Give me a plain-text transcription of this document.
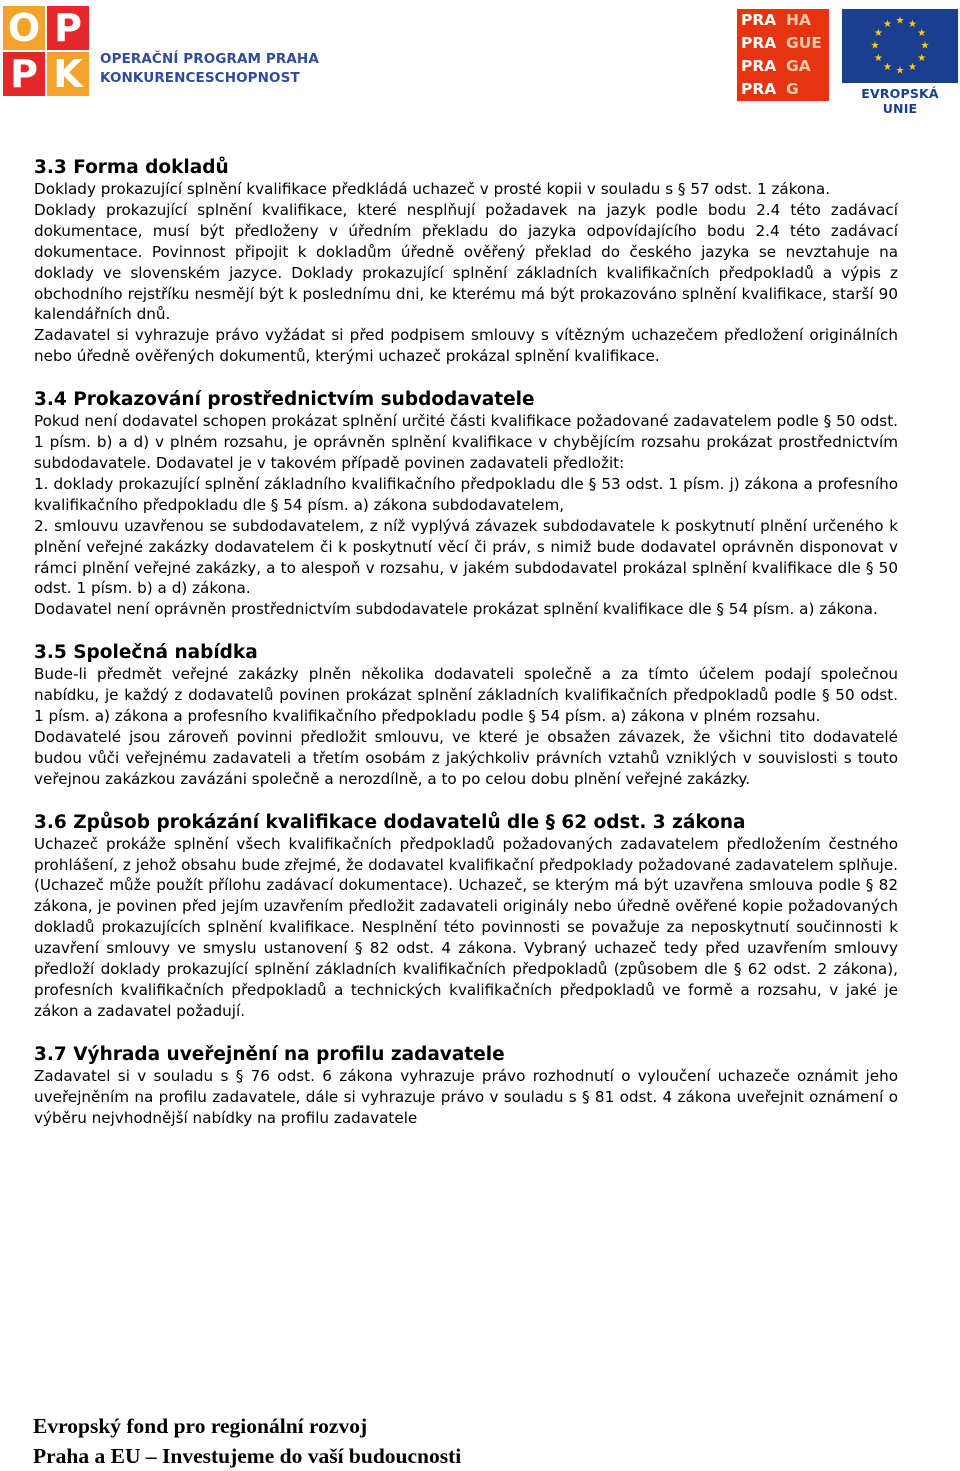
O P
P K	OPERAČNÍ PROGRAM PRAHA
KONKURENCESCHOPNOST
PRA HA
PRA GUE
PRA GA
PRA G
★ ★
★
★
★
★
★
★
★
★
★
★
EVROPSKÁ UNIE
3.3 Forma dokladů

Doklady prokazující splnění kvalifikace předkládá uchazeč v prosté kopii v souladu s § 57 odst. 1 zákona.

Doklady prokazující splnění kvalifikace, které nesplňují požadavek na jazyk podle bodu 2.4 této zadávací dokumentace, musí být předloženy v úředním překladu do jazyka odpovídajícího bodu 2.4 této zadávací dokumentace. Povinnost připojit k dokladům úředně ověřený překlad do českého jazyka se nevztahuje na doklady ve slovenském jazyce. Doklady prokazující splnění základních kvalifikačních předpokladů a výpis z obchodního rejstříku nesmějí být k poslednímu dni, ke kterému má být prokazováno splnění kvalifikace, starší 90 kalendářních dnů.

Zadavatel si vyhrazuje právo vyžádat si před podpisem smlouvy s vítězným uchazečem předložení originálních nebo úředně ověřených dokumentů, kterými uchazeč prokázal splnění kvalifikace.

3.4 Prokazování prostřednictvím subdodavatele

Pokud není dodavatel schopen prokázat splnění určité části kvalifikace požadované zadavatelem podle § 50 odst. 1 písm. b) a d) v plném rozsahu, je oprávněn splnění kvalifikace v chybějícím rozsahu prokázat prostřednictvím subdodavatele. Dodavatel je v takovém případě povinen zadavateli předložit:

1. doklady prokazující splnění základního kvalifikačního předpokladu dle § 53 odst. 1 písm. j) zákona a profesního kvalifikačního předpokladu dle § 54 písm. a) zákona subdodavatelem,

2. smlouvu uzavřenou se subdodavatelem, z níž vyplývá závazek subdodavatele k poskytnutí plnění určeného k plnění veřejné zakázky dodavatelem či k poskytnutí věcí či práv, s nimiž bude dodavatel oprávněn disponovat v rámci plnění veřejné zakázky, a to alespoň v rozsahu, v jakém subdodavatel prokázal splnění kvalifikace dle § 50 odst. 1 písm. b) a d) zákona.

Dodavatel není oprávněn prostřednictvím subdodavatele prokázat splnění kvalifikace dle § 54 písm. a) zákona.

3.5 Společná nabídka

Bude-li předmět veřejné zakázky plněn několika dodavateli společně a za tímto účelem podají společnou nabídku, je každý z dodavatelů povinen prokázat splnění základních kvalifikačních předpokladů podle § 50 odst. 1 písm. a) zákona a profesního kvalifikačního předpokladu podle § 54 písm. a) zákona v plném rozsahu.

Dodavatelé jsou zároveň povinni předložit smlouvu, ve které je obsažen závazek, že všichni tito dodavatelé budou vůči veřejnému zadavateli a třetím osobám z jakýchkoliv právních vztahů vzniklých v souvislosti s touto veřejnou zakázkou zavázáni společně a nerozdílně, a to po celou dobu plnění veřejné zakázky.

3.6 Způsob prokázání kvalifikace dodavatelů dle § 62 odst. 3 zákona

Uchazeč prokáže splnění všech kvalifikačních předpokladů požadovaných zadavatelem předložením čestného prohlášení, z jehož obsahu bude zřejmé, že dodavatel kvalifikační předpoklady požadované zadavatelem splňuje. (Uchazeč může použít přílohu zadávací dokumentace). Uchazeč, se kterým má být uzavřena smlouva podle § 82 zákona, je povinen před jejím uzavřením předložit zadavateli originály nebo úředně ověřené kopie požadovaných dokladů prokazujících splnění kvalifikace. Nesplnění této povinnosti se považuje za neposkytnutí součinnosti k uzavření smlouvy ve smyslu ustanovení § 82 odst. 4 zákona. Vybraný uchazeč tedy před uzavřením smlouvy předloží doklady prokazující splnění základních kvalifikačních předpokladů (způsobem dle § 62 odst. 2 zákona), profesních kvalifikačních předpokladů a technických kvalifikačních předpokladů ve formě a rozsahu, v jaké je zákon a zadavatel požadují.

3.7 Výhrada uveřejnění na profilu zadavatele

Zadavatel si v souladu s § 76 odst. 6 zákona vyhrazuje právo rozhodnutí o vyloučení uchazeče oznámit jeho uveřejněním na profilu zadavatele, dále si vyhrazuje právo v souladu s § 81 odst. 4 zákona uveřejnit oznámení o výběru nejvhodnější nabídky na profilu zadavatele

Evropský fond pro regionální rozvoj
Praha a EU – Investujeme do vaší budoucnosti
